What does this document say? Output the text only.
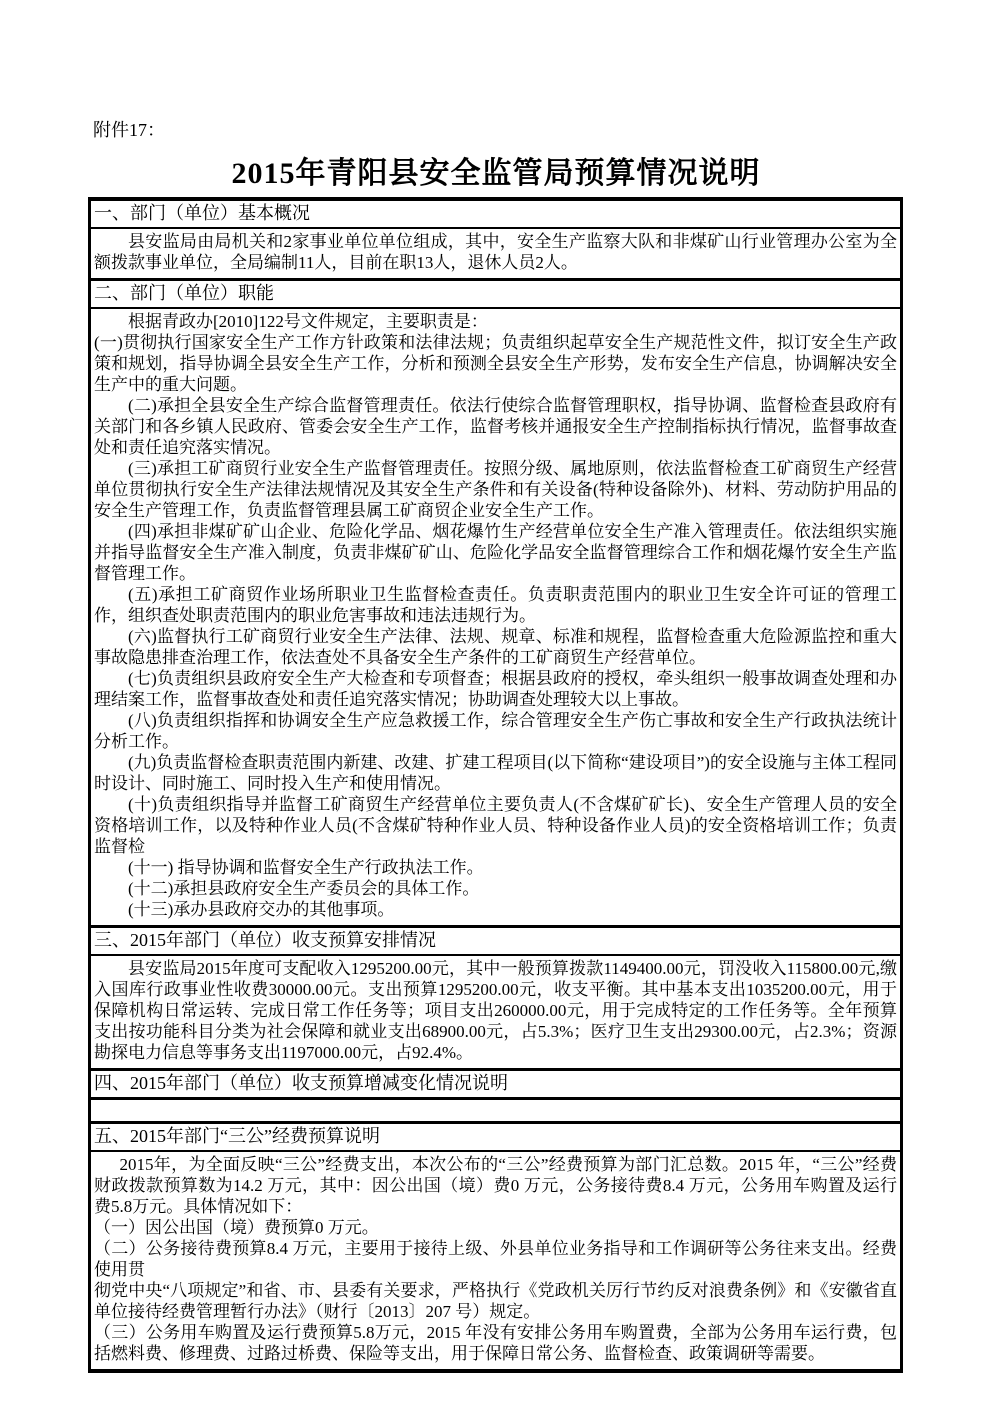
附件17：
2015年青阳县安全监管局预算情况说明
一、部门（单位）基本概况

县安监局由局机关和2家事业单位单位组成，其中，安全生产监察大队和非煤矿山行业管理办公室为全额拨款事业单位，全局编制11人，目前在职13人，退休人员2人。

二、部门（单位）职能

根据青政办[2010]122号文件规定，主要职责是：

(一)贯彻执行国家安全生产工作方针政策和法律法规；负责组织起草安全生产规范性文件，拟订安全生产政策和规划，指导协调全县安全生产工作，分析和预测全县安全生产形势，发布安全生产信息，协调解决安全生产中的重大问题。

(二)承担全县安全生产综合监督管理责任。依法行使综合监督管理职权，指导协调、监督检查县政府有关部门和各乡镇人民政府、管委会安全生产工作，监督考核并通报安全生产控制指标执行情况，监督事故查处和责任追究落实情况。

(三)承担工矿商贸行业安全生产监督管理责任。按照分级、属地原则，依法监督检查工矿商贸生产经营单位贯彻执行安全生产法律法规情况及其安全生产条件和有关设备(特种设备除外)、材料、劳动防护用品的安全生产管理工作，负责监督管理县属工矿商贸企业安全生产工作。

(四)承担非煤矿矿山企业、危险化学品、烟花爆竹生产经营单位安全生产准入管理责任。依法组织实施并指导监督安全生产准入制度，负责非煤矿矿山、危险化学品安全监督管理综合工作和烟花爆竹安全生产监督管理工作。

(五)承担工矿商贸作业场所职业卫生监督检查责任。负责职责范围内的职业卫生安全许可证的管理工作，组织查处职责范围内的职业危害事故和违法违规行为。

(六)监督执行工矿商贸行业安全生产法律、法规、规章、标准和规程，监督检查重大危险源监控和重大事故隐患排查治理工作，依法查处不具备安全生产条件的工矿商贸生产经营单位。

(七)负责组织县政府安全生产大检查和专项督查；根据县政府的授权，牵头组织一般事故调查处理和办理结案工作，监督事故查处和责任追究落实情况；协助调查处理较大以上事故。

(八)负责组织指挥和协调安全生产应急救援工作，综合管理安全生产伤亡事故和安全生产行政执法统计分析工作。

(九)负责监督检查职责范围内新建、改建、扩建工程项目(以下简称“建设项目”)的安全设施与主体工程同时设计、同时施工、同时投入生产和使用情况。

(十)负责组织指导并监督工矿商贸生产经营单位主要负责人(不含煤矿矿长)、安全生产管理人员的安全资格培训工作，以及特种作业人员(不含煤矿特种作业人员、特种设备作业人员)的安全资格培训工作；负责监督检

(十一) 指导协调和监督安全生产行政执法工作。

(十二)承担县政府安全生产委员会的具体工作。

(十三)承办县政府交办的其他事项。

三、2015年部门（单位）收支预算安排情况

县安监局2015年度可支配收入1295200.00元，其中一般预算拨款1149400.00元，罚没收入115800.00元,缴入国库行政事业性收费30000.00元。支出预算1295200.00元，收支平衡。其中基本支出1035200.00元，用于保障机构日常运转、完成日常工作任务等；项目支出260000.00元，用于完成特定的工作任务等。全年预算支出按功能科目分类为社会保障和就业支出68900.00元，占5.3%；医疗卫生支出29300.00元，占2.3%；资源勘探电力信息等事务支出1197000.00元，占92.4%。

四、2015年部门（单位）收支预算增减变化情况说明
五、2015年部门“三公”经费预算说明

2015年，为全面反映“三公”经费支出，本次公布的“三公”经费预算为部门汇总数。2015 年，“三公”经费财政拨款预算数为14.2 万元，其中：因公出国（境）费0 万元，公务接待费8.4 万元，公务用车购置及运行费5.8万元。具体情况如下：

（一）因公出国（境）费预算0 万元。

（二）公务接待费预算8.4 万元，主要用于接待上级、外县单位业务指导和工作调研等公务往来支出。经费使用贯

彻党中央“八项规定”和省、市、县委有关要求，严格执行《党政机关厉行节约反对浪费条例》和《安徽省直单位接待经费管理暂行办法》（财行〔2013〕207 号）规定。

（三）公务用车购置及运行费预算5.8万元，2015 年没有安排公务用车购置费，全部为公务用车运行费，包括燃料费、修理费、过路过桥费、保险等支出，用于保障日常公务、监督检查、政策调研等需要。
